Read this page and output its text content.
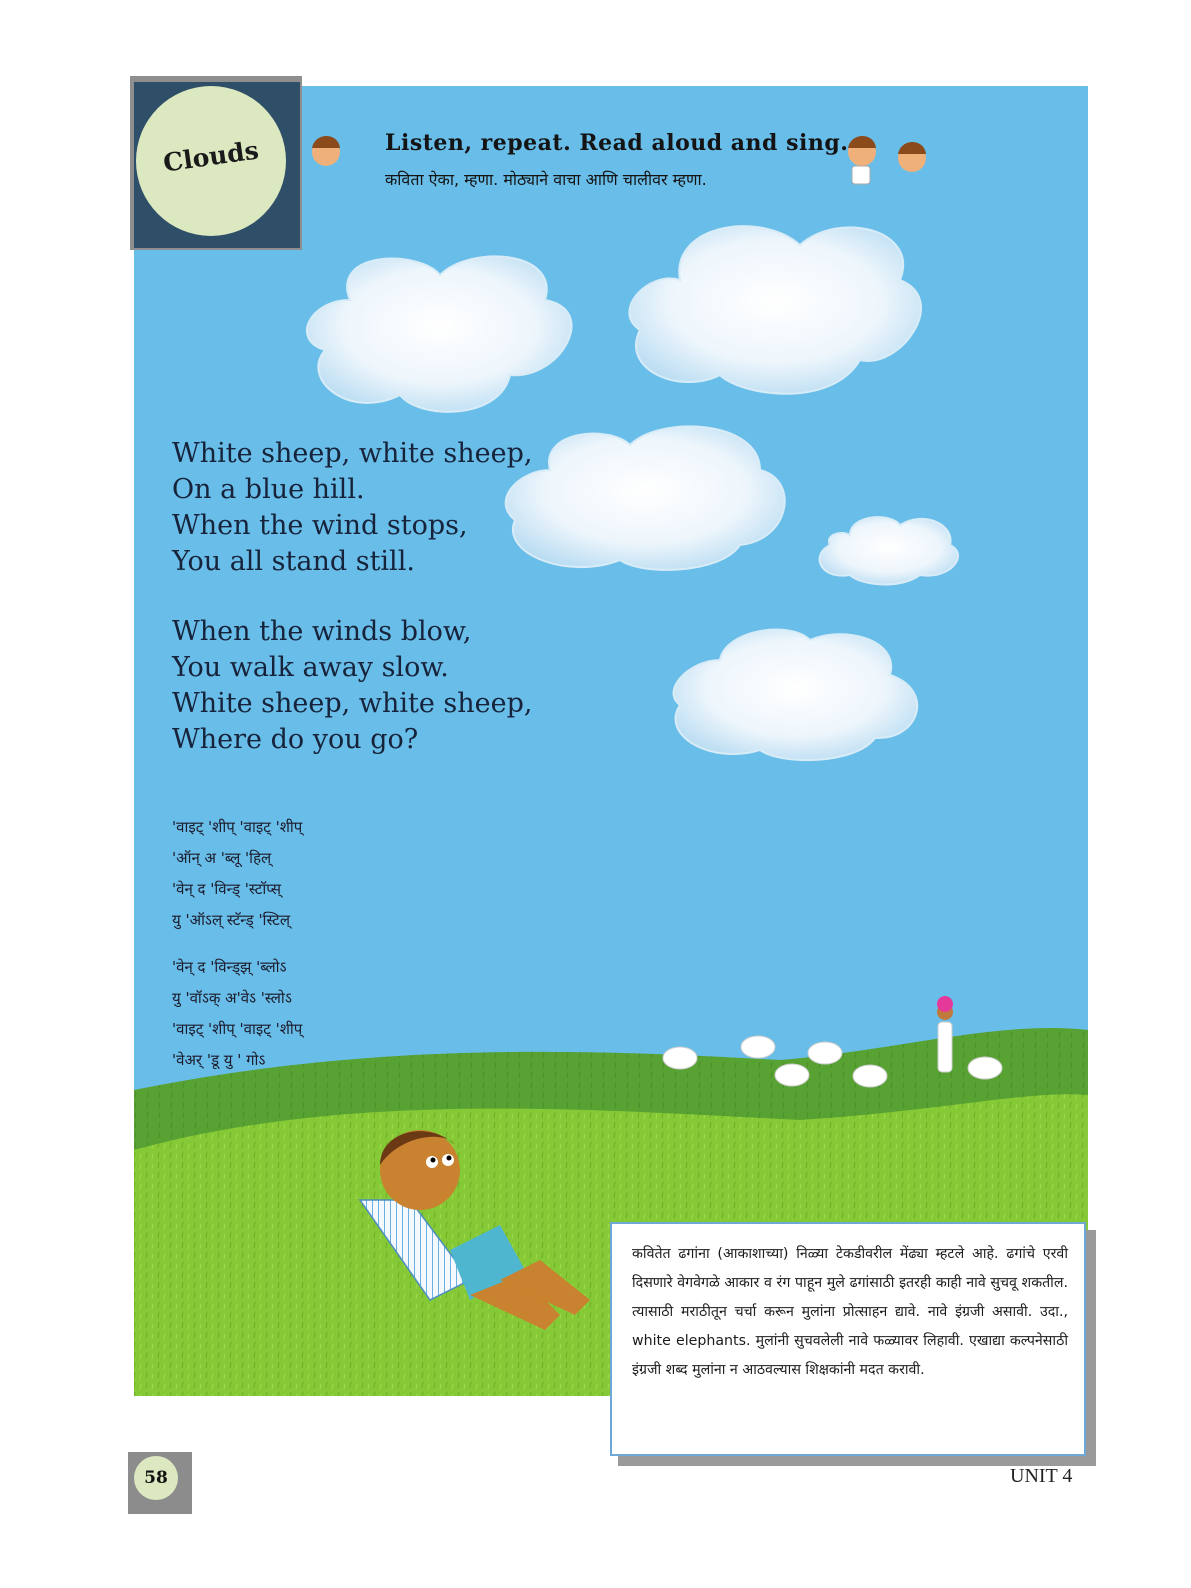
Clouds	Listen, repeat. Read aloud and sing.
कविता ऐका, म्हणा. मोठ्याने वाचा आणि चालीवर म्हणा.
White sheep, white sheep,
On a blue hill.
When the wind stops,
You all stand still.
When the winds blow,
You walk away slow.
White sheep, white sheep,
Where do you go?
'वाइट् 'शीप् 'वाइट् 'शीप्
'ऑन् अ 'ब्लू 'हिल्
'वेन् द 'विन्ड् 'स्टॉप्स्
यु 'ऑऽल् स्टॅन्ड् 'स्टिल्
'वेन् द 'विन्ड्झ् 'ब्लोऽ
यु 'वॉऽक् अ'वेऽ 'स्लोऽ
'वाइट् 'शीप् 'वाइट् 'शीप्
'वेअर् 'डू यु ' गोऽ
कवितेत ढगांना (आकाशाच्या) निळ्या टेकडीवरील मेंढ्या म्हटले आहे. ढगांचे एरवी दिसणारे वेगवेगळे आकार व रंग पाहून मुले ढगांसाठी इतरही काही नावे सुचवू शकतील. त्यासाठी मराठीतून चर्चा करून मुलांना प्रोत्साहन द्यावे. नावे इंग्रजी असावी. उदा., white elephants. मुलांनी सुचवलेली नावे फळ्यावर लिहावी. एखाद्या कल्पनेसाठी इंग्रजी शब्द मुलांना न आठवल्यास शिक्षकांनी मदत करावी.
58	UNIT 4
